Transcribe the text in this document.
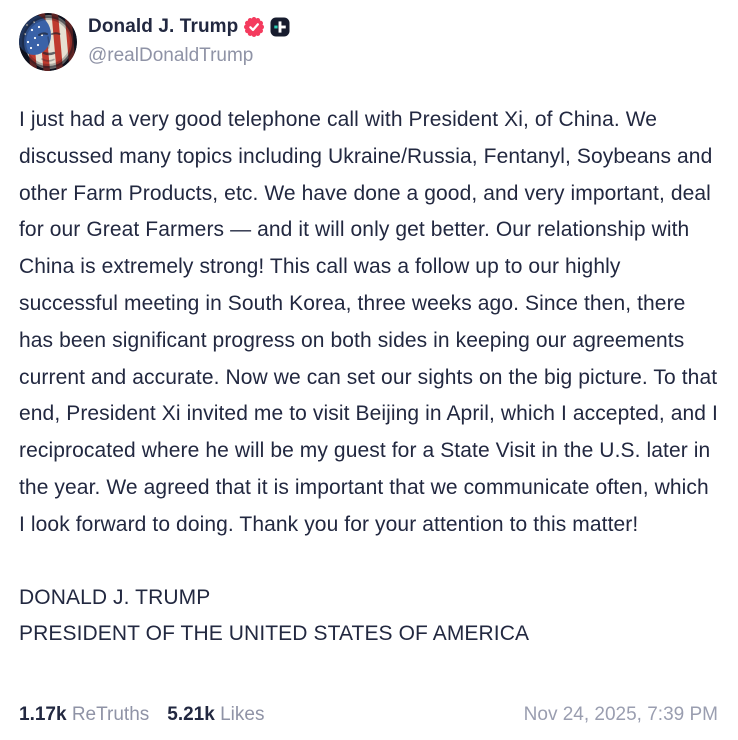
Donald J. Trump
@realDonaldTrump
I just had a very good telephone call with President Xi, of China. We discussed many topics including Ukraine/Russia, Fentanyl, Soybeans and other Farm Products, etc. We have done a good, and very important, deal for our Great Farmers — and it will only get better. Our relationship with China is extremely strong! This call was a follow up to our highly successful meeting in South Korea, three weeks ago. Since then, there has been significant progress on both sides in keeping our agreements current and accurate. Now we can set our sights on the big picture. To that end, President Xi invited me to visit Beijing in April, which I accepted, and I reciprocated where he will be my guest for a State Visit in the U.S. later in the year. We agreed that it is important that we communicate often, which I look forward to doing. Thank you for your attention to this matter!
DONALD J. TRUMP
PRESIDENT OF THE UNITED STATES OF AMERICA
1.17k ReTruths 5.21k Likes	Nov 24, 2025, 7:39 PM
